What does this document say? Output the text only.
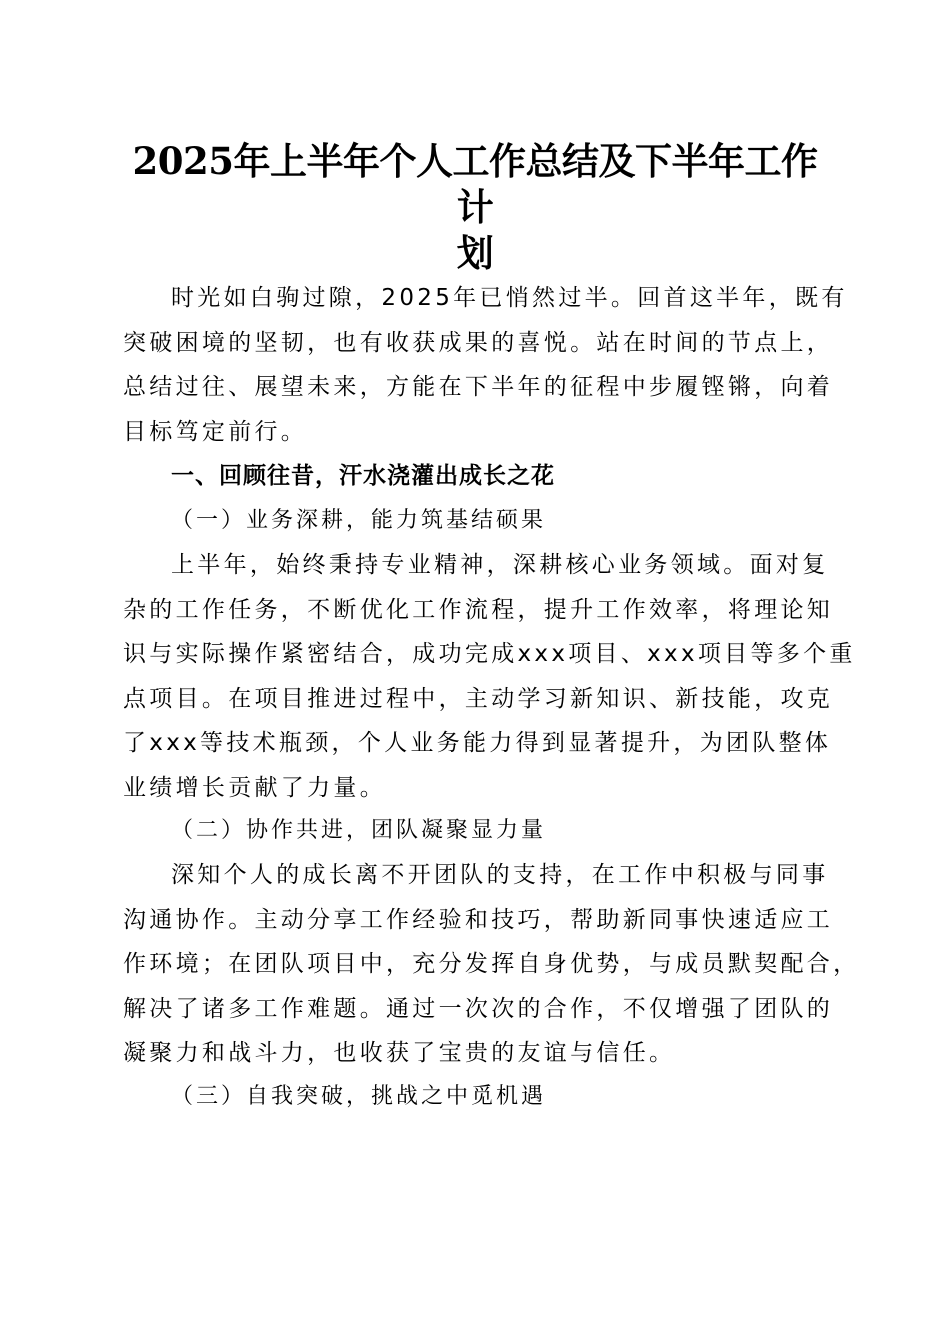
2025年上半年个人工作总结及下半年工作计
划
时光如白驹过隙，2025年已悄然过半。回首这半年，既有
突破困境的坚韧，也有收获成果的喜悦。站在时间的节点上，
总结过往、展望未来，方能在下半年的征程中步履铿锵，向着
目标笃定前行。
一、回顾往昔，汗水浇灌出成长之花
（一）业务深耕，能力筑基结硕果
上半年，始终秉持专业精神，深耕核心业务领域。面对复
杂的工作任务，不断优化工作流程，提升工作效率，将理论知
识与实际操作紧密结合，成功完成xxx项目、xxx项目等多个重
点项目。在项目推进过程中，主动学习新知识、新技能，攻克
了xxx等技术瓶颈，个人业务能力得到显著提升，为团队整体
业绩增长贡献了力量。
（二）协作共进，团队凝聚显力量
深知个人的成长离不开团队的支持，在工作中积极与同事
沟通协作。主动分享工作经验和技巧，帮助新同事快速适应工
作环境；在团队项目中，充分发挥自身优势，与成员默契配合，
解决了诸多工作难题。通过一次次的合作，不仅增强了团队的
凝聚力和战斗力，也收获了宝贵的友谊与信任。
（三）自我突破，挑战之中觅机遇
